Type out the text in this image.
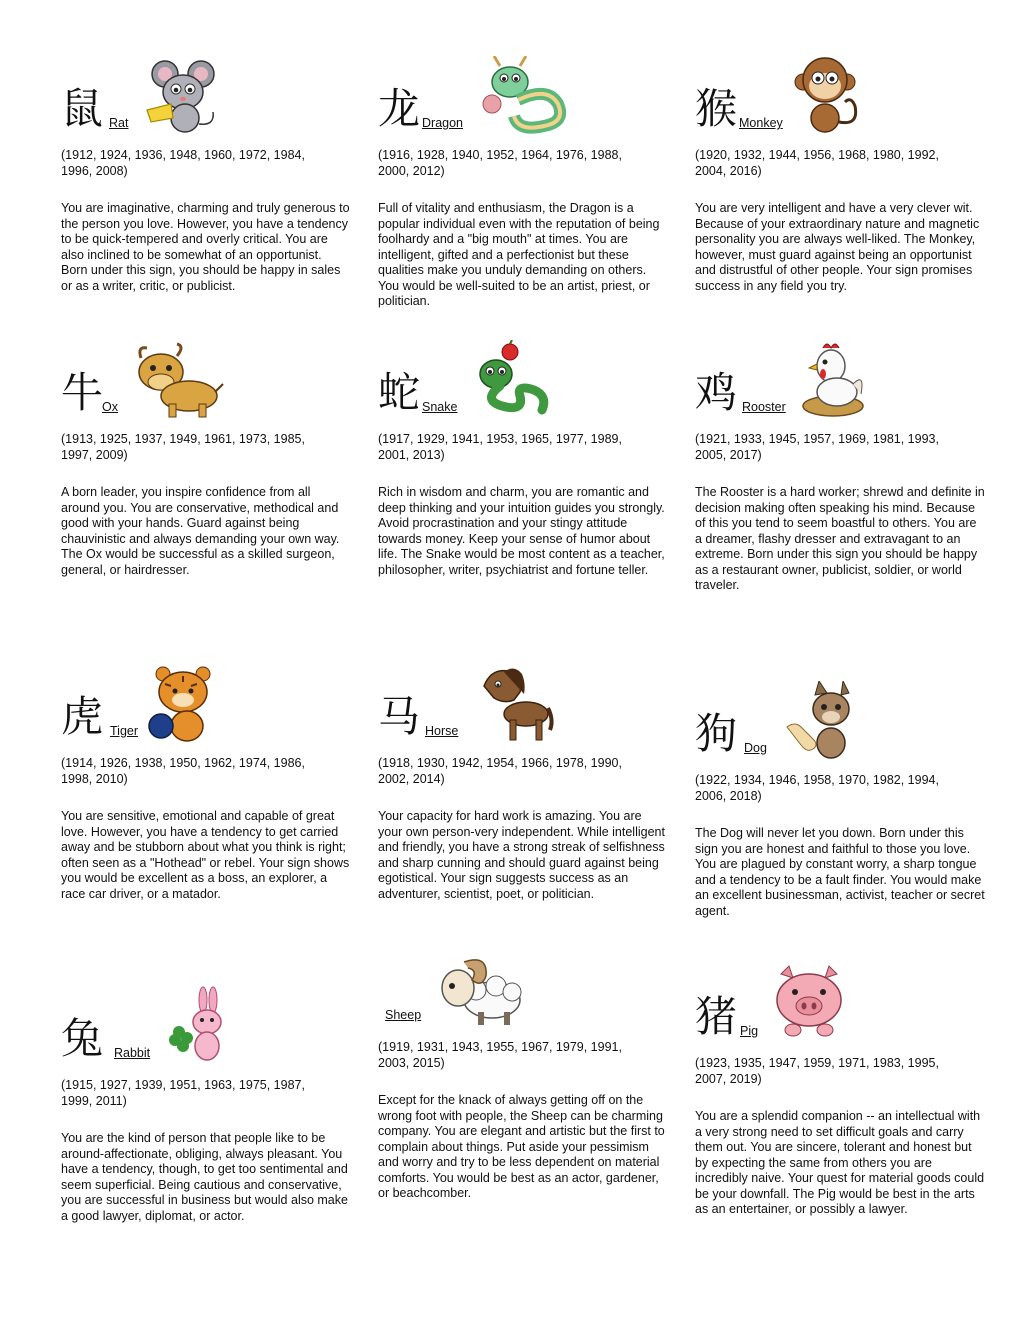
鼠 Rat
(1912, 1924, 1936, 1948, 1960, 1972, 1984, 1996, 2008)
You are imaginative, charming and truly generous to the person you love. However, you have a tendency to be quick-tempered and overly critical. You are also inclined to be somewhat of an opportunist. Born under this sign, you should be happy in sales or as a writer, critic, or publicist.
牛
Ox
(1913, 1925, 1937, 1949, 1961, 1973, 1985, 1997, 2009)
A born leader, you inspire confidence from all around you. You are conservative, methodical and good with your hands. Guard against being chauvinistic and always demanding your own way. The Ox would be successful as a skilled surgeon, general, or hairdresser.
虎 Tiger
(1914, 1926, 1938, 1950, 1962, 1974, 1986, 1998, 2010)
You are sensitive, emotional and capable of great love. However, you have a tendency to get carried away and be stubborn about what you think is right; often seen as a "Hothead" or rebel. Your sign shows you would be excellent as a boss, an explorer, a race car driver, or a matador.
兔 Rabbit
(1915, 1927, 1939, 1951, 1963, 1975, 1987, 1999, 2011)
You are the kind of person that people like to be around-affectionate, obliging, always pleasant. You have a tendency, though, to get too sentimental and seem superficial. Being cautious and conservative, you are successful in business but would also make a good lawyer, diplomat, or actor.
龙 Dragon
(1916, 1928, 1940, 1952, 1964, 1976, 1988, 2000, 2012)
Full of vitality and enthusiasm, the Dragon is a popular individual even with the reputation of being foolhardy and a "big mouth" at times. You are intelligent, gifted and a perfectionist but these qualities make you unduly demanding on others. You would be well-suited to be an artist, priest, or politician.
蛇 Snake
(1917, 1929, 1941, 1953, 1965, 1977, 1989, 2001, 2013)
Rich in wisdom and charm, you are romantic and deep thinking and your intuition guides you strongly. Avoid procrastination and your stingy attitude towards money. Keep your sense of humor about life. The Snake would be most content as a teacher, philosopher, writer, psychiatrist and fortune teller.
马 Horse
(1918, 1930, 1942, 1954, 1966, 1978, 1990, 2002, 2014)
Your capacity for hard work is amazing. You are your own person-very independent. While intelligent and friendly, you have a strong streak of selfishness and sharp cunning and should guard against being egotistical. Your sign suggests success as an adventurer, scientist, poet, or politician.
Sheep
(1919, 1931, 1943, 1955, 1967, 1979, 1991, 2003, 2015)
Except for the knack of always getting off on the wrong foot with people, the Sheep can be charming company. You are elegant and artistic but the first to complain about things. Put aside your pessimism and worry and try to be less dependent on material comforts. You would be best as an actor, gardener, or beachcomber.
猴 Monkey
(1920, 1932, 1944, 1956, 1968, 1980, 1992, 2004, 2016)
You are very intelligent and have a very clever wit. Because of your extraordinary nature and magnetic personality you are always well-liked. The Monkey, however, must guard against being an opportunist and distrustful of other people. Your sign promises success in any field you try.
鸡 Rooster
(1921, 1933, 1945, 1957, 1969, 1981, 1993, 2005, 2017)
The Rooster is a hard worker; shrewd and definite in decision making often speaking his mind. Because of this you tend to seem boastful to others. You are a dreamer, flashy dresser and extravagant to an extreme. Born under this sign you should be happy as a restaurant owner, publicist, soldier, or world traveler.
狗 Dog
(1922, 1934, 1946, 1958, 1970, 1982, 1994, 2006, 2018)
The Dog will never let you down. Born under this sign you are honest and faithful to those you love. You are plagued by constant worry, a sharp tongue and a tendency to be a fault finder. You would make an excellent businessman, activist, teacher or secret agent.
猪 Pig
(1923, 1935, 1947, 1959, 1971, 1983, 1995, 2007, 2019)
You are a splendid companion -- an intellectual with a very strong need to set difficult goals and carry them out. You are sincere, tolerant and honest but by expecting the same from others you are incredibly naive. Your quest for material goods could be your downfall. The Pig would be best in the arts as an entertainer, or possibly a lawyer.
